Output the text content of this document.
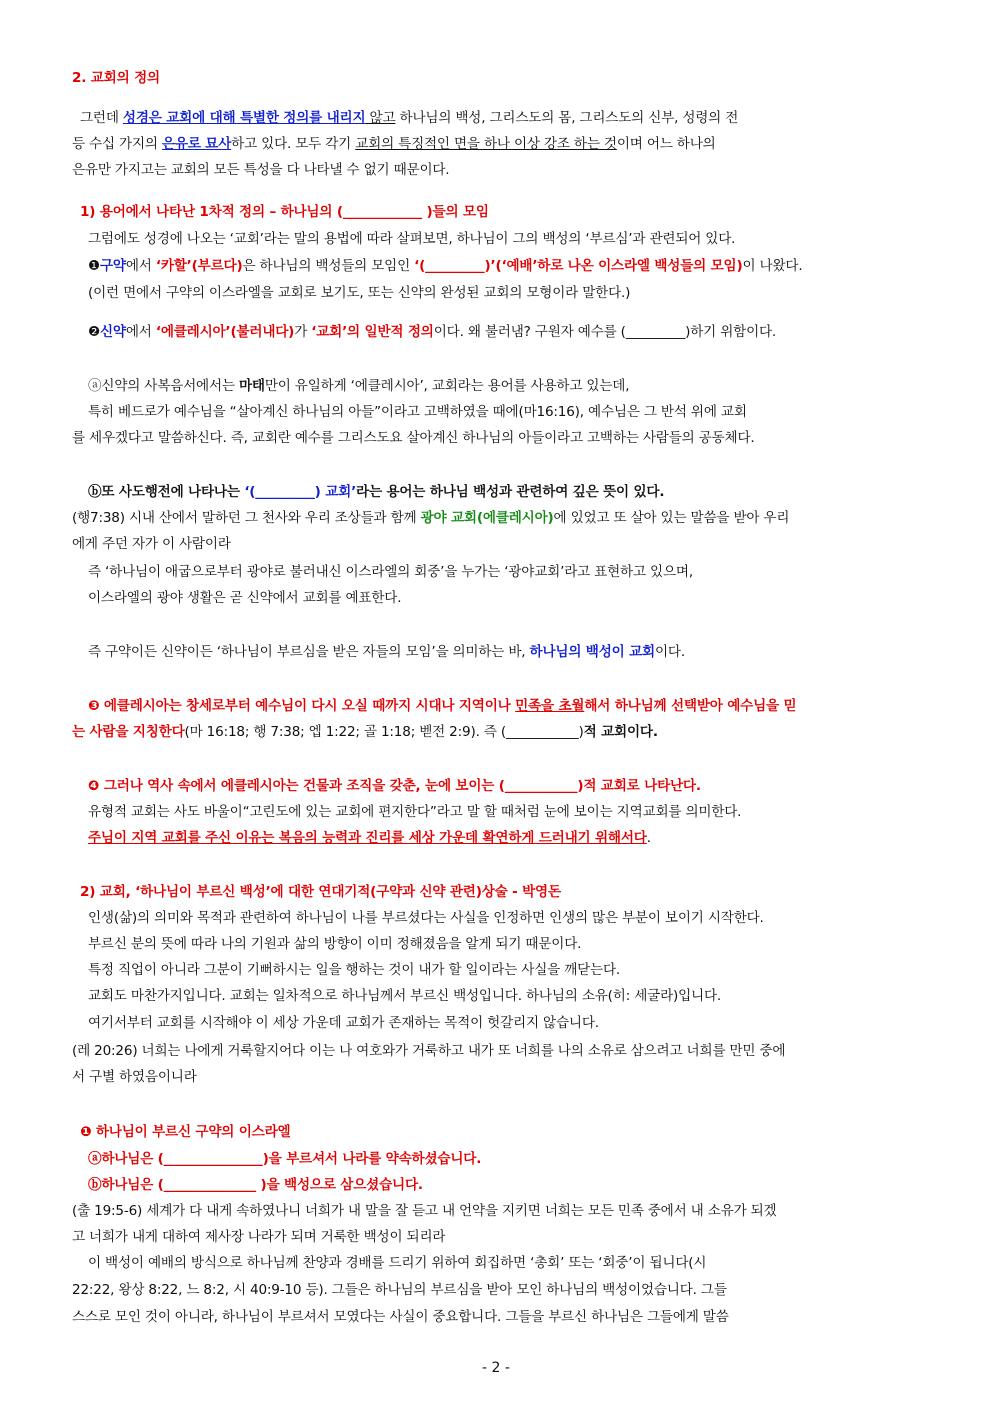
2. 교회의 정의
그런데 성경은 교회에 대해 특별한 정의를 내리지 않고 하나님의 백성, 그리스도의 몸, 그리스도의 신부, 성령의 전
등 수십 가지의 은유로 묘사하고 있다. 모두 각기 교회의 특징적인 면을 하나 이상 강조 하는 것이며 어느 하나의
은유만 가지고는 교회의 모든 특성을 다 나타낼 수 없기 때문이다.
1) 용어에서 나타난 1차적 정의 – 하나님의 (____________ )들의 모임
그럼에도 성경에 나오는 ‘교회’라는 말의 용법에 따라 살펴보면, 하나님이 그의 백성의 ‘부르심’과 관련되어 있다.
❶구약에서 ‘카할’(부르다)은 하나님의 백성들의 모임인 ‘(_________)’(‘예배’하로 나온 이스라엘 백성들의 모임)이 나왔다.
(이런 면에서 구약의 이스라엘을 교회로 보기도, 또는 신약의 완성된 교회의 모형이라 말한다.)
❷신약에서 ‘에클레시아’(불러내다)가 ‘교회’의 일반적 정의이다. 왜 불러냄? 구원자 예수를 (_________)하기 위함이다.
ⓐ신약의 사복음서에서는 마태만이 유일하게 ‘에클레시아’, 교회라는 용어를 사용하고 있는데,
특히 베드로가 예수님을 “살아계신 하나님의 아들”이라고 고백하였을 때에(마16:16), 예수님은 그 반석 위에 교회
를 세우겠다고 말씀하신다. 즉, 교회란 예수를 그리스도요 살아계신 하나님의 아들이라고 고백하는 사람들의 공동체다.
ⓑ또 사도행전에 나타나는 ‘(_________) 교회’라는 용어는 하나님 백성과 관련하여 깊은 뜻이 있다.
(행7:38) 시내 산에서 말하던 그 천사와 우리 조상들과 함께 광야 교회(에클레시아)에 있었고 또 살아 있는 말씀을 받아 우리
에게 주던 자가 이 사람이라
즉 ‘하나님이 애굽으로부터 광야로 불러내신 이스라엘의 회중’을 누가는 ‘광야교회’라고 표현하고 있으며,
이스라엘의 광야 생활은 곧 신약에서 교회를 예표한다.
즉 구약이든 신약이든 ‘하나님이 부르심을 받은 자들의 모임’을 의미하는 바, 하나님의 백성이 교회이다.
❸ 에클레시아는 창세로부터 예수님이 다시 오실 때까지 시대나 지역이나 민족을 초월해서 하나님께 선택받아 예수님을 믿
는 사람을 지칭한다(마 16:18; 행 7:38; 엡 1:22; 골 1:18; 벧전 2:9). 즉 (___________)적 교회이다.
❹ 그러나 역사 속에서 에클레시아는 건물과 조직을 갖춘, 눈에 보이는 (___________)적 교회로 나타난다.
유형적 교회는 사도 바울이“고린도에 있는 교회에 편지한다”라고 말 할 때처럼 눈에 보이는 지역교회를 의미한다.
주님이 지역 교회를 주신 이유는 복음의 능력과 진리를 세상 가운데 확연하게 드러내기 위해서다.
2) 교회, ‘하나님이 부르신 백성’에 대한 연대기적(구약과 신약 관련)상술 - 박영돈
인생(삶)의 의미와 목적과 관련하여 하나님이 나를 부르셨다는 사실을 인정하면 인생의 많은 부분이 보이기 시작한다.
부르신 분의 뜻에 따라 나의 기원과 삶의 방향이 이미 정해졌음을 알게 되기 때문이다.
특정 직업이 아니라 그분이 기뻐하시는 일을 행하는 것이 내가 할 일이라는 사실을 깨닫는다.
교회도 마찬가지입니다. 교회는 일차적으로 하나님께서 부르신 백성입니다. 하나님의 소유(히: 세굴라)입니다.
여기서부터 교회를 시작해야 이 세상 가운데 교회가 존재하는 목적이 헛갈리지 않습니다.
(레 20:26) 너희는 나에게 거룩할지어다 이는 나 여호와가 거룩하고 내가 또 너희를 나의 소유로 삼으려고 너희를 만민 중에
서 구별 하였음이니라
❶ 하나님이 부르신 구약의 이스라엘
ⓐ하나님은 (_______________)을 부르셔서 나라를 약속하셨습니다.
ⓑ하나님은 (______________ )을 백성으로 삼으셨습니다.
(출 19:5-6) 세계가 다 내게 속하였나니 너희가 내 말을 잘 듣고 내 언약을 지키면 너희는 모든 민족 중에서 내 소유가 되겠
고 너희가 내게 대하여 제사장 나라가 되며 거룩한 백성이 되리라
이 백성이 예배의 방식으로 하나님께 찬양과 경배를 드리기 위하여 회집하면 ‘총회’ 또는 ‘회중’이 됩니다(시
22:22, 왕상 8:22, 느 8:2, 시 40:9-10 등). 그들은 하나님의 부르심을 받아 모인 하나님의 백성이었습니다. 그들
스스로 모인 것이 아니라, 하나님이 부르셔서 모였다는 사실이 중요합니다. 그들을 부르신 하나님은 그들에게 말씀
- 2 -
